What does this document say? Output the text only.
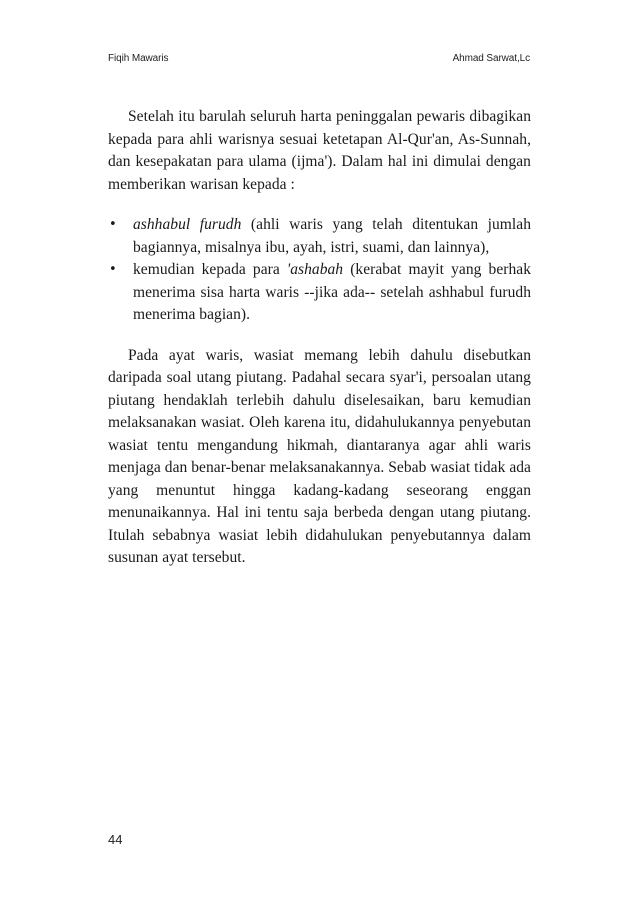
Fiqih Mawaris	Ahmad Sarwat,Lc

Setelah itu barulah seluruh harta peninggalan pewaris dibagikan kepada para ahli warisnya sesuai ketetapan Al-Qur'an, As-Sunnah, dan kesepakatan para ulama (ijma'). Dalam hal ini dimulai dengan memberikan warisan kepada :

• ashhabul furudh (ahli waris yang telah ditentukan jumlah bagiannya, misalnya ibu, ayah, istri, suami, dan lainnya),
• kemudian kepada para 'ashabah (kerabat mayit yang berhak menerima sisa harta waris --jika ada-- setelah ashhabul furudh menerima bagian).

Pada ayat waris, wasiat memang lebih dahulu disebutkan daripada soal utang piutang. Padahal secara syar'i, persoalan utang piutang hendaklah terlebih dahulu diselesaikan, baru kemudian melaksanakan wasiat. Oleh karena itu, didahulukannya penyebutan wasiat tentu mengandung hikmah, diantaranya agar ahli waris menjaga dan benar-benar melaksanakannya. Sebab wasiat tidak ada yang menuntut hingga kadang-kadang seseorang enggan menunaikannya. Hal ini tentu saja berbeda dengan utang piutang. Itulah sebabnya wasiat lebih didahulukan penyebutannya dalam susunan ayat tersebut.

44
